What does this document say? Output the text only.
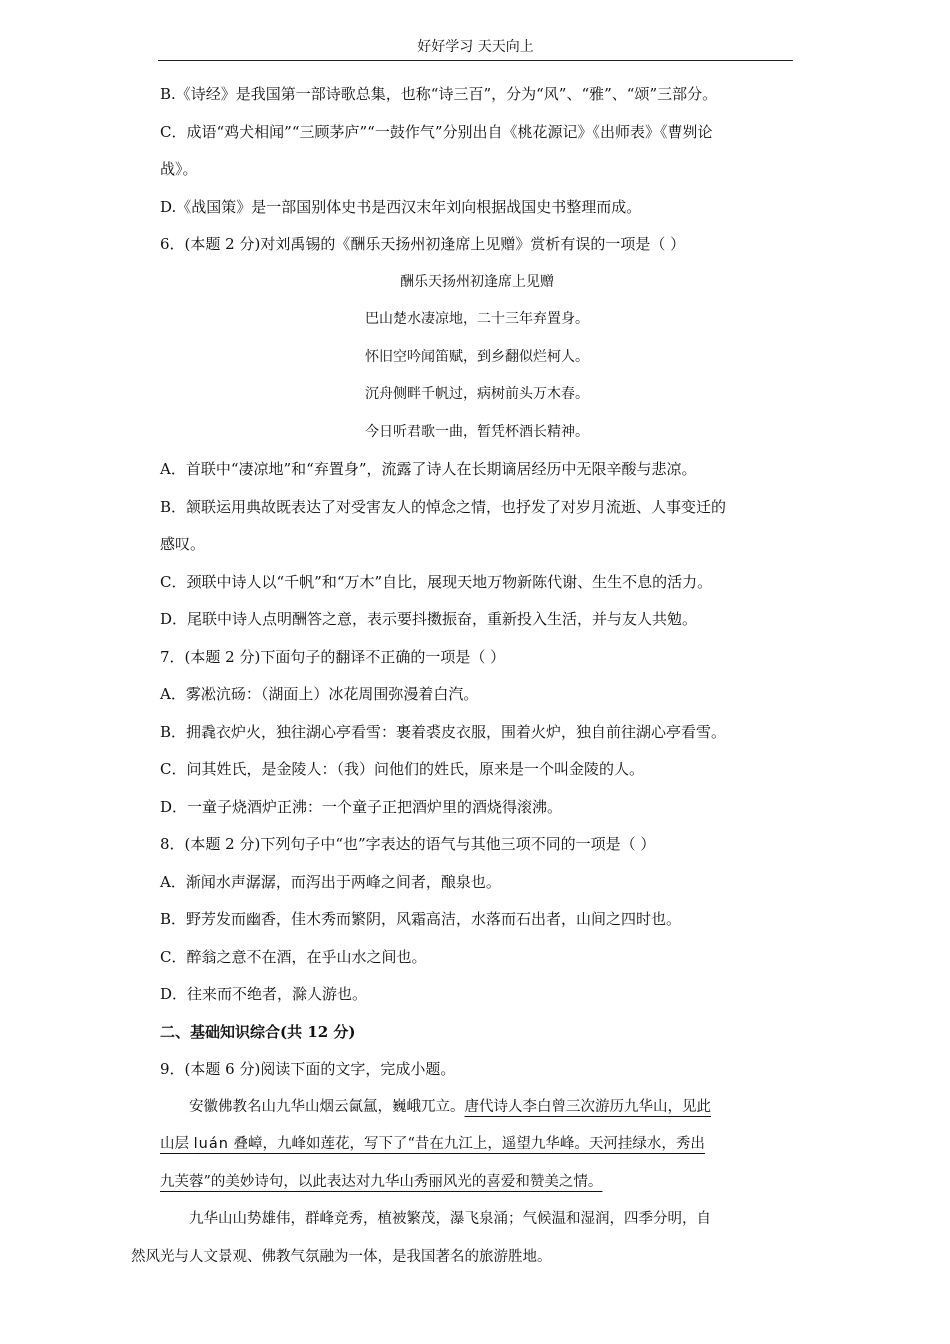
好好学习 天天向上

B.《诗经》是我国第一部诗歌总集，也称“诗三百”，分为“风”、“雅”、“颂”三部分。

C．成语“鸡犬相闻”“三顾茅庐”“一鼓作气”分别出自《桃花源记》《出师表》《曹刿论

战》。

D.《战国策》是一部国别体史书是西汉末年刘向根据战国史书整理而成。

6．(本题 2 分)对刘禹锡的《酬乐天扬州初逢席上见赠》赏析有误的一项是（ ）

酬乐天扬州初逢席上见赠

巴山楚水凄凉地，二十三年弃置身。

怀旧空吟闻笛赋，到乡翻似烂柯人。

沉舟侧畔千帆过，病树前头万木春。

今日听君歌一曲，暂凭杯酒长精神。

A．首联中“凄凉地”和“弃置身”，流露了诗人在长期谪居经历中无限辛酸与悲凉。

B．颔联运用典故既表达了对受害友人的悼念之情，也抒发了对岁月流逝、人事变迁的

感叹。

C．颈联中诗人以“千帆”和“万木”自比，展现天地万物新陈代谢、生生不息的活力。

D．尾联中诗人点明酬答之意，表示要抖擞振奋，重新投入生活，并与友人共勉。

7．(本题 2 分)下面句子的翻译不正确的一项是（ ）

A．雾凇沆砀：（湖面上）冰花周围弥漫着白汽。

B．拥毳衣炉火，独往湖心亭看雪：裹着裘皮衣服，围着火炉，独自前往湖心亭看雪。

C．问其姓氏，是金陵人：（我）问他们的姓氏，原来是一个叫金陵的人。

D．一童子烧酒炉正沸：一个童子正把酒炉里的酒烧得滚沸。

8．(本题 2 分)下列句子中“也”字表达的语气与其他三项不同的一项是（ ）

A．渐闻水声潺潺，而泻出于两峰之间者，酿泉也。

B．野芳发而幽香，佳木秀而繁阴，风霜高洁，水落而石出者，山间之四时也。

C．醉翁之意不在酒，在乎山水之间也。

D．往来而不绝者，滁人游也。

二、基础知识综合(共 12 分)

9．(本题 6 分)阅读下面的文字，完成小题。

安徽佛教名山九华山烟云氤氲，巍峨兀立。唐代诗人李白曾三次游历九华山，见此
山层 luán 叠嶂，九峰如莲花，写下了“昔在九江上，遥望九华峰。天河挂绿水，秀出
九芙蓉”的美妙诗句，以此表达对九华山秀丽风光的喜爱和赞美之情。

九华山山势雄伟，群峰竞秀，植被繁茂，瀑飞泉涌；气候温和湿润，四季分明，自
然风光与人文景观、佛教气氛融为一体，是我国著名的旅游胜地。
